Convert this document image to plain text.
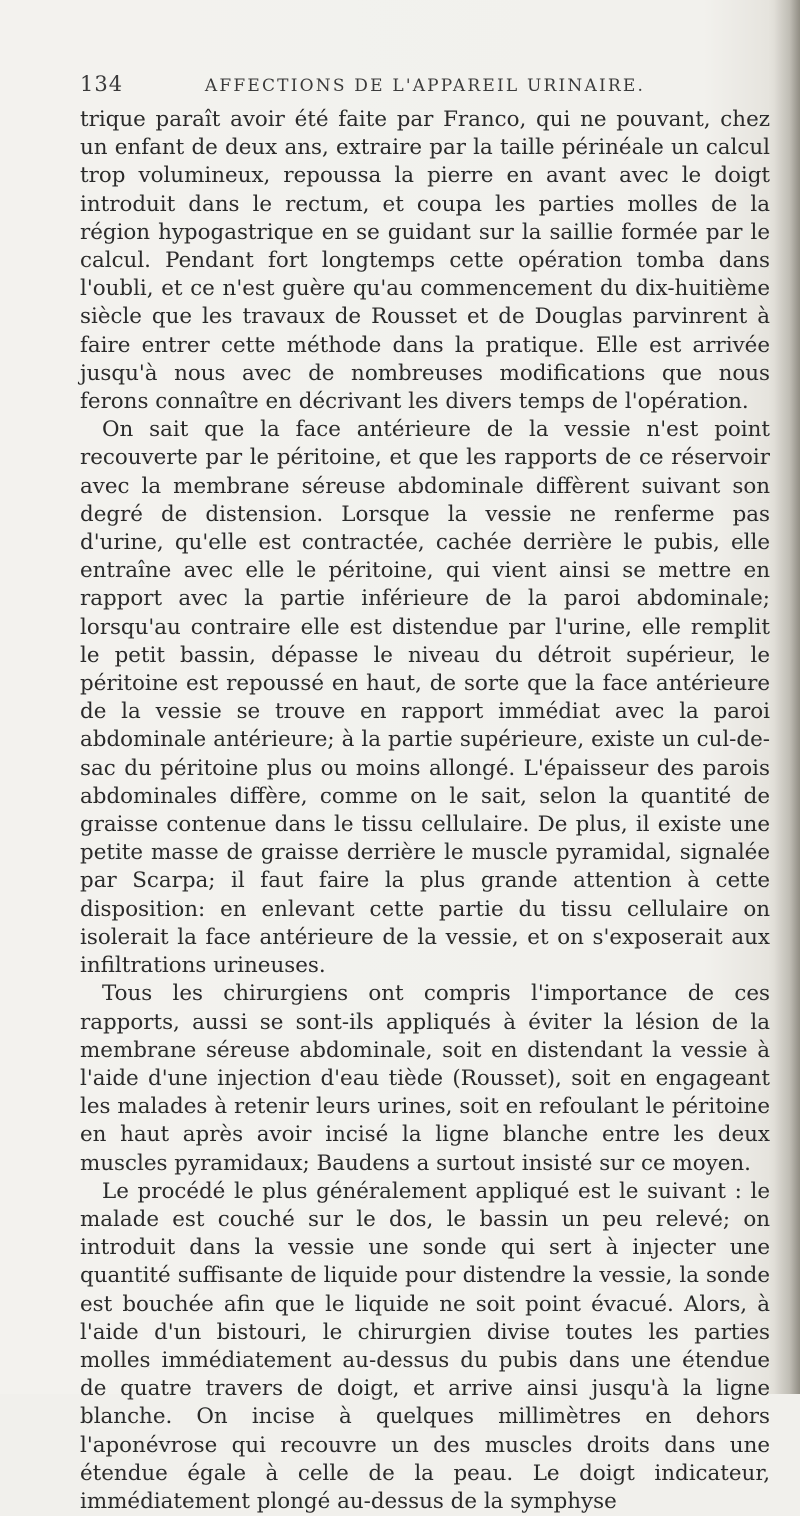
134	AFFECTIONS DE L'APPAREIL URINAIRE.

trique paraît avoir été faite par Franco, qui ne pouvant, chez un enfant de deux ans, extraire par la taille périnéale un calcul trop volumineux, repoussa la pierre en avant avec le doigt introduit dans le rectum, et coupa les parties molles de la région hypogastrique en se guidant sur la saillie formée par le calcul. Pendant fort longtemps cette opération tomba dans l'oubli, et ce n'est guère qu'au commencement du dix-huitième siècle que les travaux de Rousset et de Douglas parvinrent à faire entrer cette méthode dans la pratique. Elle est arrivée jusqu'à nous avec de nombreuses modifications que nous ferons connaître en décrivant les divers temps de l'opération.

On sait que la face antérieure de la vessie n'est point recouverte par le péritoine, et que les rapports de ce réservoir avec la membrane séreuse abdominale diffèrent suivant son degré de distension. Lorsque la vessie ne renferme pas d'urine, qu'elle est contractée, cachée derrière le pubis, elle entraîne avec elle le péritoine, qui vient ainsi se mettre en rapport avec la partie inférieure de la paroi abdominale; lorsqu'au contraire elle est distendue par l'urine, elle remplit le petit bassin, dépasse le niveau du détroit supérieur, le péritoine est repoussé en haut, de sorte que la face antérieure de la vessie se trouve en rapport immédiat avec la paroi abdominale antérieure; à la partie supérieure, existe un cul-de-sac du péritoine plus ou moins allongé. L'épaisseur des parois abdominales diffère, comme on le sait, selon la quantité de graisse contenue dans le tissu cellulaire. De plus, il existe une petite masse de graisse derrière le muscle pyramidal, signalée par Scarpa; il faut faire la plus grande attention à cette disposition: en enlevant cette partie du tissu cellulaire on isolerait la face antérieure de la vessie, et on s'exposerait aux infiltrations urineuses.

Tous les chirurgiens ont compris l'importance de ces rapports, aussi se sont-ils appliqués à éviter la lésion de la membrane séreuse abdominale, soit en distendant la vessie à l'aide d'une injection d'eau tiède (Rousset), soit en engageant les malades à retenir leurs urines, soit en refoulant le péritoine en haut après avoir incisé la ligne blanche entre les deux muscles pyramidaux; Baudens a surtout insisté sur ce moyen.

Le procédé le plus généralement appliqué est le suivant : le malade est couché sur le dos, le bassin un peu relevé; on introduit dans la vessie une sonde qui sert à injecter une quantité suffisante de liquide pour distendre la vessie, la sonde est bouchée afin que le liquide ne soit point évacué. Alors, à l'aide d'un bistouri, le chirurgien divise toutes les parties molles immédiatement au-dessus du pubis dans une étendue de quatre travers de doigt, et arrive ainsi jusqu'à la ligne blanche. On incise à quelques millimètres en dehors l'aponévrose qui recouvre un des muscles droits dans une étendue égale à celle de la peau. Le doigt indicateur, immédiatement plongé au-dessus de la symphyse
